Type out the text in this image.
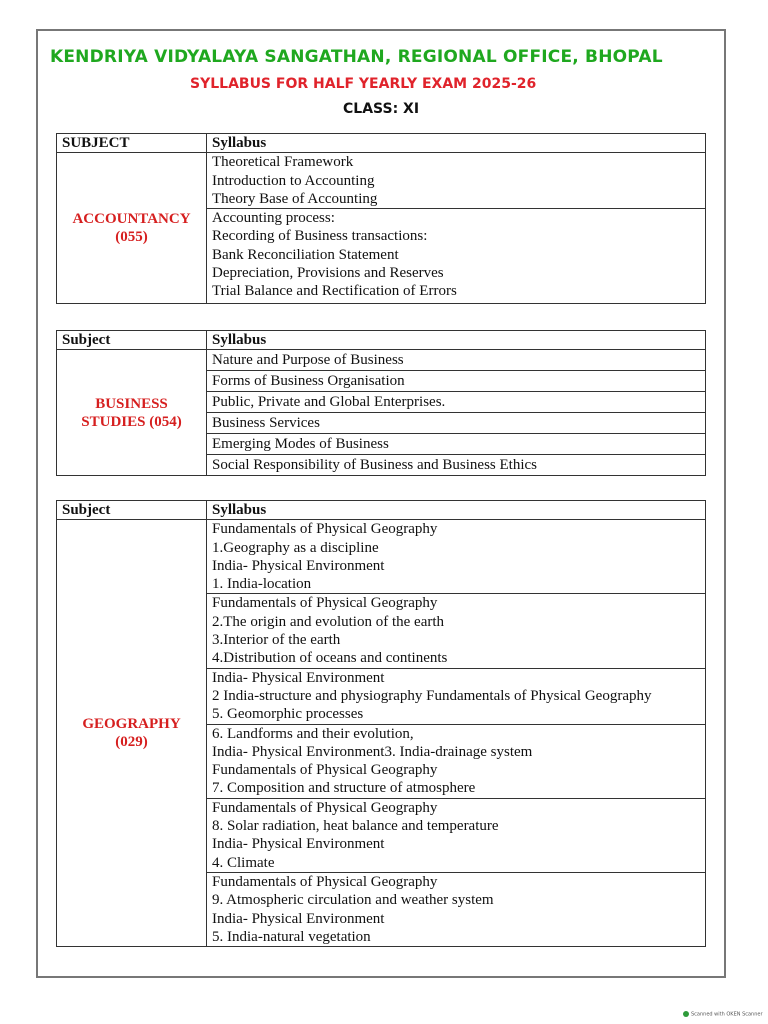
KENDRIYA VIDYALAYA SANGATHAN, REGIONAL OFFICE, BHOPAL
SYLLABUS FOR HALF YEARLY EXAM 2025-26
CLASS: XI
SUBJECT	Syllabus

ACCOUNTANCY
(055)	Theoretical Framework
Introduction to Accounting
Theory Base of Accounting

	Accounting process:
Recording of Business transactions:
Bank Reconciliation Statement
Depreciation, Provisions and Reserves
Trial Balance and Rectification of Errors
Subject	Syllabus

BUSINESS
STUDIES (054)	Nature and Purpose of Business
	Forms of Business Organisation
	Public, Private and Global Enterprises.
	Business Services
	Emerging Modes of Business
	Social Responsibility of Business and Business Ethics
Subject	Syllabus

GEOGRAPHY
(029)	Fundamentals of Physical Geography
1.Geography as a discipline
India- Physical Environment
1. India-location

	Fundamentals of Physical Geography
2.The origin and evolution of the earth
3.Interior of the earth
4.Distribution of oceans and continents

	India- Physical Environment
2 India-structure and physiography Fundamentals of Physical Geography
5. Geomorphic processes

	6. Landforms and their evolution,
India- Physical Environment3. India-drainage system
Fundamentals of Physical Geography
7. Composition and structure of atmosphere

	Fundamentals of Physical Geography
8. Solar radiation, heat balance and temperature
India- Physical Environment
4. Climate

	Fundamentals of Physical Geography
9. Atmospheric circulation and weather system
India- Physical Environment
5. India-natural vegetation
Scanned with OKEN Scanner
